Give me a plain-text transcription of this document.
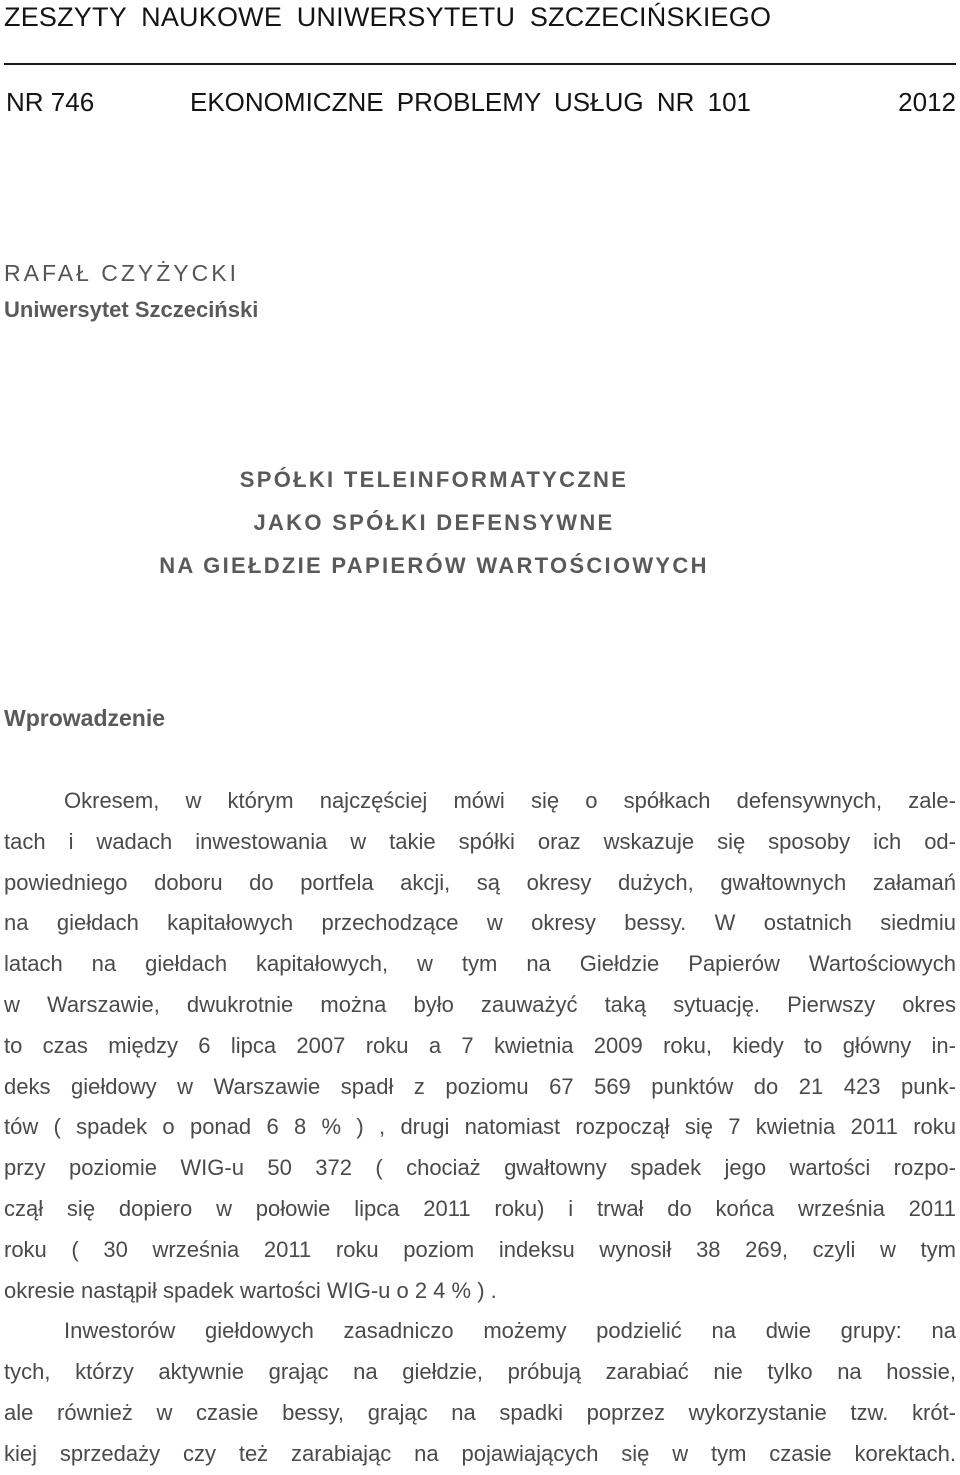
ZESZYTY NAUKOWE UNIWERSYTETU SZCZECIŃSKIEGO
NR 746	EKONOMICZNE PROBLEMY USŁUG NR 101	2012
RAFAŁ CZYŻYCKI
Uniwersytet Szczeciński
SPÓŁKI TELEINFORMATYCZNE
JAKO SPÓŁKI DEFENSYWNE
NA GIEŁDZIE PAPIERÓW WARTOŚCIOWYCH
Wprowadzenie
Okresem, w którym najczęściej mówi się o spółkach defensywnych, zale-
tach i wadach inwestowania w takie spółki oraz wskazuje się sposoby ich od-
powiedniego doboru do portfela akcji, są okresy dużych, gwałtownych załamań
na giełdach kapitałowych przechodzące w okresy bessy. W ostatnich siedmiu
latach na giełdach kapitałowych, w tym na Giełdzie Papierów Wartościowych
w Warszawie, dwukrotnie można było zauważyć taką sytuację. Pierwszy okres
to czas między 6 lipca 2007 roku a 7 kwietnia 2009 roku, kiedy to główny in-
deks giełdowy w Warszawie spadł z poziomu 67 569 punktów do 21 423 punk-
tów ( spadek o ponad 6 8 % ) , drugi natomiast rozpoczął się 7 kwietnia 2011 roku
przy poziomie WIG-u 50 372 ( chociaż gwałtowny spadek jego wartości rozpo-
czął się dopiero w połowie lipca 2011 roku) i trwał do końca września 2011
roku ( 30 września 2011 roku poziom indeksu wynosił 38 269, czyli w tym
okresie nastąpił spadek wartości WIG-u o 2 4 % ) .
Inwestorów giełdowych zasadniczo możemy podzielić na dwie grupy: na
tych, którzy aktywnie grając na giełdzie, próbują zarabiać nie tylko na hossie,
ale również w czasie bessy, grając na spadki poprzez wykorzystanie tzw. krót-
kiej sprzedaży czy też zarabiając na pojawiających się w tym czasie korektach.
